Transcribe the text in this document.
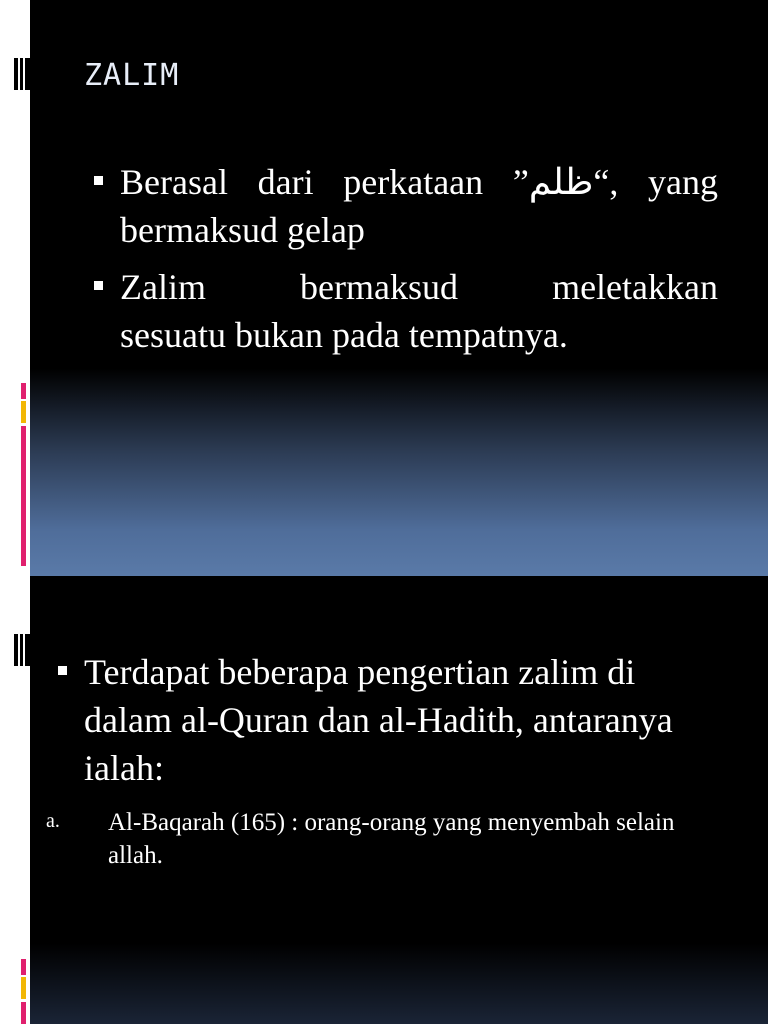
ZALIM
Berasal dari perkataan ”ظلم“, yang
bermaksud gelap
Zalim bermaksud meletakkan
sesuatu bukan pada tempatnya.
Terdapat beberapa pengertian zalim di dalam al-Quran dan al-Hadith, antaranya ialah:
a. Al-Baqarah (165) : orang-orang yang menyembah selain allah.
